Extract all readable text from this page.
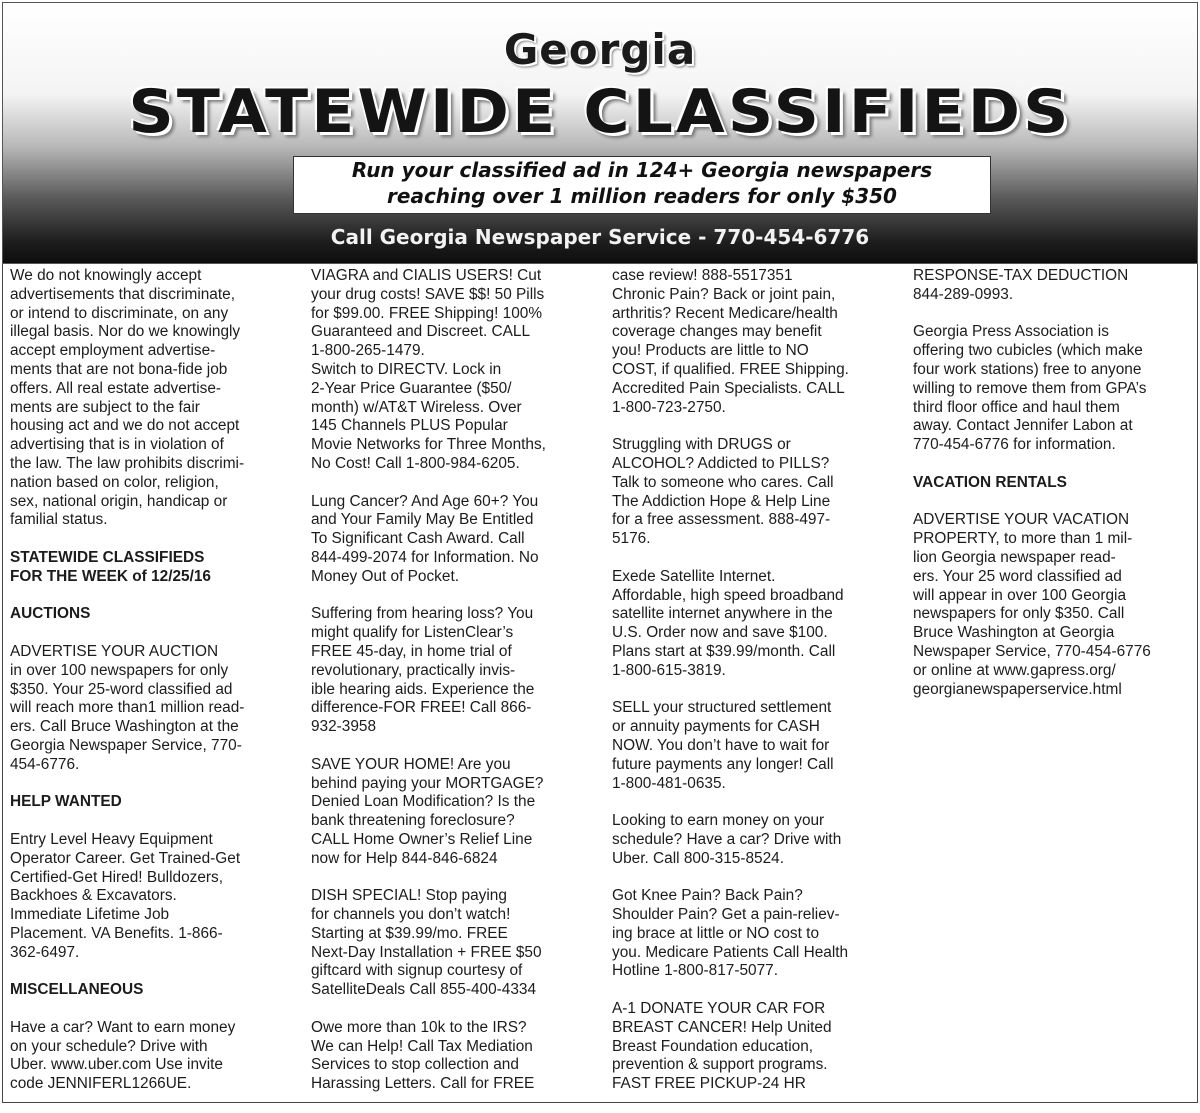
Georgia
STATEWIDE CLASSIFIEDS
Run your classified ad in 124+ Georgia newspapers
reaching over 1 million readers for only $350
Call Georgia Newspaper Service - 770-454-6776

We do not knowingly accept
advertisements that discriminate,
or intend to discriminate, on any
illegal basis. Nor do we knowingly
accept employment advertise-
ments that are not bona-fide job
offers. All real estate advertise-
ments are subject to the fair
housing act and we do not accept
advertising that is in violation of
the law. The law prohibits discrimi-
nation based on color, religion,
sex, national origin, handicap or
familial status.

STATEWIDE CLASSIFIEDS
FOR THE WEEK of 12/25/16
AUCTIONS

ADVERTISE YOUR AUCTION
in over 100 newspapers for only
$350. Your 25-word classified ad
will reach more than1 million read-
ers. Call Bruce Washington at the
Georgia Newspaper Service, 770-
454-6776.

HELP WANTED

Entry Level Heavy Equipment
Operator Career. Get Trained-Get
Certified-Get Hired! Bulldozers,
Backhoes & Excavators.
Immediate Lifetime Job
Placement. VA Benefits. 1-866-
362-6497.

MISCELLANEOUS

Have a car? Want to earn money
on your schedule? Drive with
Uber. www.uber.com Use invite
code JENNIFERL1266UE.

VIAGRA and CIALIS USERS! Cut
your drug costs! SAVE $$! 50 Pills
for $99.00. FREE Shipping! 100%
Guaranteed and Discreet. CALL
1-800-265-1479.

Switch to DIRECTV. Lock in
2-Year Price Guarantee ($50/
month) w/AT&T Wireless. Over
145 Channels PLUS Popular
Movie Networks for Three Months,
No Cost! Call 1-800-984-6205.

Lung Cancer? And Age 60+? You
and Your Family May Be Entitled
To Significant Cash Award. Call
844-499-2074 for Information. No
Money Out of Pocket.

Suffering from hearing loss? You
might qualify for ListenClear’s
FREE 45-day, in home trial of
revolutionary, practically invis-
ible hearing aids. Experience the
difference-FOR FREE! Call 866-
932-3958

SAVE YOUR HOME! Are you
behind paying your MORTGAGE?
Denied Loan Modification? Is the
bank threatening foreclosure?
CALL Home Owner’s Relief Line
now for Help 844-846-6824

DISH SPECIAL! Stop paying
for channels you don’t watch!
Starting at $39.99/mo. FREE
Next-Day Installation + FREE $50
giftcard with signup courtesy of
SatelliteDeals Call 855-400-4334

Owe more than 10k to the IRS?
We can Help! Call Tax Mediation
Services to stop collection and
Harassing Letters. Call for FREE

case review! 888-5517351

Chronic Pain? Back or joint pain,
arthritis? Recent Medicare/health
coverage changes may benefit
you! Products are little to NO
COST, if qualified. FREE Shipping.
Accredited Pain Specialists. CALL
1-800-723-2750.

Struggling with DRUGS or
ALCOHOL? Addicted to PILLS?
Talk to someone who cares. Call
The Addiction Hope & Help Line
for a free assessment. 888-497-
5176.

Exede Satellite Internet.
Affordable, high speed broadband
satellite internet anywhere in the
U.S. Order now and save $100.
Plans start at $39.99/month. Call
1-800-615-3819.

SELL your structured settlement
or annuity payments for CASH
NOW. You don’t have to wait for
future payments any longer! Call
1-800-481-0635.

Looking to earn money on your
schedule? Have a car? Drive with
Uber. Call 800-315-8524.

Got Knee Pain? Back Pain?
Shoulder Pain? Get a pain-reliev-
ing brace at little or NO cost to
you. Medicare Patients Call Health
Hotline 1-800-817-5077.

A-1 DONATE YOUR CAR FOR
BREAST CANCER! Help United
Breast Foundation education,
prevention & support programs.
FAST FREE PICKUP-24 HR

RESPONSE-TAX DEDUCTION
844-289-0993.

Georgia Press Association is
offering two cubicles (which make
four work stations) free to anyone
willing to remove them from GPA’s
third floor office and haul them
away. Contact Jennifer Labon at
770-454-6776 for information.

VACATION RENTALS

ADVERTISE YOUR VACATION
PROPERTY, to more than 1 mil-
lion Georgia newspaper read-
ers. Your 25 word classified ad
will appear in over 100 Georgia
newspapers for only $350. Call
Bruce Washington at Georgia
Newspaper Service, 770-454-6776
or online at www.gapress.org/
georgianewspaperservice.html
